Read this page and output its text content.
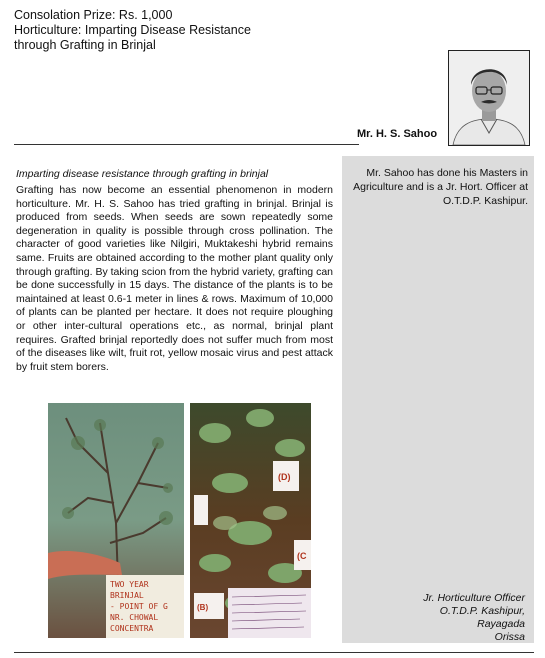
Consolation Prize: Rs. 1,000
Horticulture: Imparting Disease Resistance
through Grafting in Brinjal
Mr. H. S. Sahoo
Mr. Sahoo has done his Masters in Agriculture and is a Jr. Hort. Officer at O.T.D.P. Kashipur.
Imparting disease resistance through grafting in brinjal
Grafting has now become an essential phenomenon in modern horticulture. Mr. H. S. Sahoo has tried grafting in brinjal. Brinjal is produced from seeds. When seeds are sown repeatedly some degeneration in quality is possible through cross pollination. The character of good varieties like Nilgiri, Muktakeshi hybrid remains same. Fruits are obtained according to the mother plant quality only through grafting. By taking scion from the hybrid variety, grafting can be done successfully in 15 days. The distance of the plants is to be maintained at least 0.6-1 meter in lines & rows. Maximum of 10,000 of plants can be planted per hectare. It does not require ploughing or other inter-cultural operations etc., as normal, brinjal plant requires. Grafted brinjal reportedly does not suffer much from most of the diseases like wilt, fruit rot, yellow mosaic virus and pest attack by fruit stem borers.
TWO YEAR
BRINJAL
- POINT OF G
NR. CHOWAL
CONCENTRA
(D)
(C
(B)
Jr. Horticulture Officer
O.T.D.P. Kashipur,
Rayagada
Orissa
